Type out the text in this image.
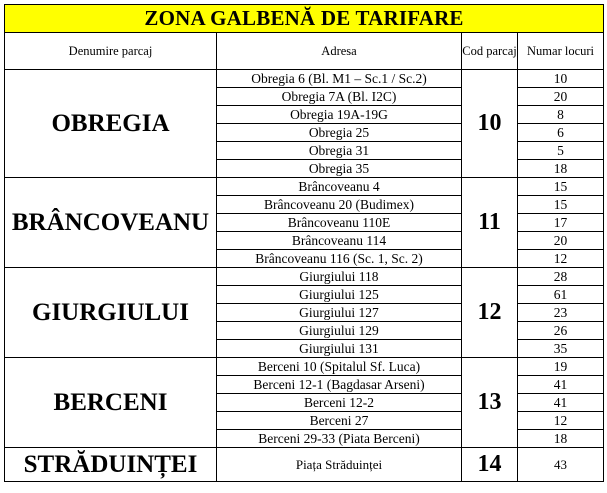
ZONA GALBENĂ DE TARIFARE			
Denumire parcaj	Adresa	Cod parcaj	Numar locuri
OBREGIA	Obregia 6 (Bl. M1 – Sc.1 / Sc.2)	10	10
	Obregia 7A (Bl. I2C)		20
	Obregia 19A-19G		8
	Obregia 25		6
	Obregia 31		5
	Obregia 35		18
BRÂNCOVEANU	Brâncoveanu 4	11	15
	Brâncoveanu 20 (Budimex)		15
	Brâncoveanu 110E		17
	Brâncoveanu 114		20
	Brâncoveanu 116 (Sc. 1, Sc. 2)		12
GIURGIULUI	Giurgiului 118	12	28
	Giurgiului 125		61
	Giurgiului 127		23
	Giurgiului 129		26
	Giurgiului 131		35
BERCENI	Berceni 10 (Spitalul Sf. Luca)	13	19
	Berceni 12-1 (Bagdasar Arseni)		41
	Berceni 12-2		41
	Berceni 27		12
	Berceni 29-33 (Piata Berceni)		18
STRĂDUINȚEI	Piața Străduinței	14	43
